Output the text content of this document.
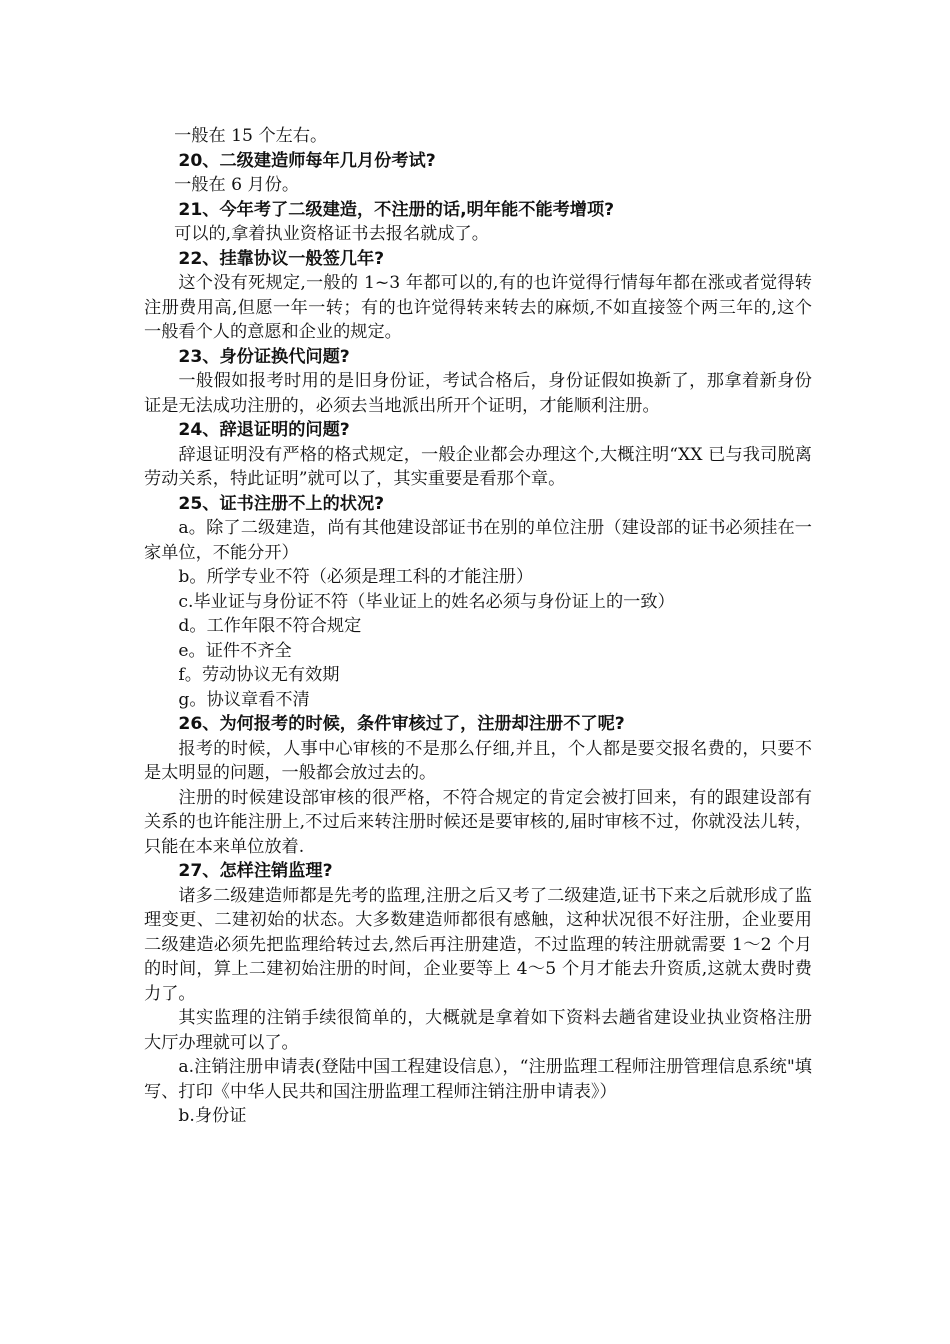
一般在 15 个左右。

20、二级建造师每年几月份考试?

一般在 6 月份。

21、今年考了二级建造，不注册的话,明年能不能考增项?

可以的,拿着执业资格证书去报名就成了。

22、挂靠协议一般签几年?

这个没有死规定,一般的 1~3 年都可以的,有的也许觉得行情每年都在涨或者觉得转注册费用高,但愿一年一转；有的也许觉得转来转去的麻烦,不如直接签个两三年的,这个一般看个人的意愿和企业的规定。

23、身份证换代问题?

一般假如报考时用的是旧身份证，考试合格后，身份证假如换新了，那拿着新身份证是无法成功注册的，必须去当地派出所开个证明，才能顺利注册。

24、辞退证明的问题?

辞退证明没有严格的格式规定，一般企业都会办理这个,大概注明“XX 已与我司脱离劳动关系，特此证明”就可以了，其实重要是看那个章。

25、证书注册不上的状况?

a。除了二级建造，尚有其他建设部证书在别的单位注册（建设部的证书必须挂在一家单位，不能分开）

b。所学专业不符（必须是理工科的才能注册）

c.毕业证与身份证不符（毕业证上的姓名必须与身份证上的一致）

d。工作年限不符合规定

e。证件不齐全

f。劳动协议无有效期

g。协议章看不清

26、为何报考的时候，条件审核过了，注册却注册不了呢?

报考的时候，人事中心审核的不是那么仔细,并且，个人都是要交报名费的，只要不是太明显的问题，一般都会放过去的。

注册的时候建设部审核的很严格，不符合规定的肯定会被打回来，有的跟建设部有关系的也许能注册上,不过后来转注册时候还是要审核的,届时审核不过，你就没法儿转，只能在本来单位放着.

27、怎样注销监理?

诸多二级建造师都是先考的监理,注册之后又考了二级建造,证书下来之后就形成了监理变更、二建初始的状态。大多数建造师都很有感触，这种状况很不好注册，企业要用二级建造必须先把监理给转过去,然后再注册建造，不过监理的转注册就需要 1～2 个月的时间，算上二建初始注册的时间，企业要等上 4～5 个月才能去升资质,这就太费时费力了。

其实监理的注销手续很简单的，大概就是拿着如下资料去趟省建设业执业资格注册大厅办理就可以了。

a.注销注册申请表(登陆中国工程建设信息），“注册监理工程师注册管理信息系统"填写、打印《中华人民共和国注册监理工程师注销注册申请表》）

b.身份证
